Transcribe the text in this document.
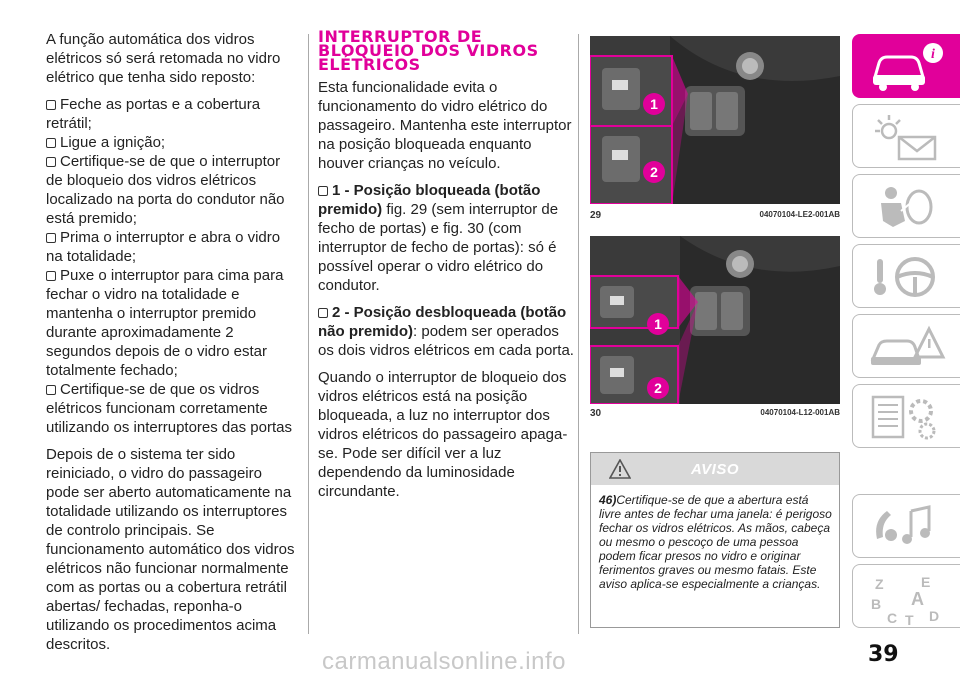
A função automática dos vidros elétricos só será retomada no vidro elétrico que tenha sido reposto:

Feche as portas e a cobertura retrátil;

Ligue a ignição;

Certifique-se de que o interruptor de bloqueio dos vidros elétricos localizado na porta do condutor não está premido;

Prima o interruptor e abra o vidro na totalidade;

Puxe o interruptor para cima para fechar o vidro na totalidade e mantenha o interruptor premido durante aproximadamente 2 segundos depois de o vidro estar totalmente fechado;

Certifique-se de que os vidros elétricos funcionam corretamente utilizando os interruptores das portas

Depois de o sistema ter sido reiniciado, o vidro do passageiro pode ser aberto automaticamente na totalidade utilizando os interruptores de controlo principais. Se funcionamento automático dos vidros elétricos não funcionar normalmente com as portas ou a cobertura retrátil abertas/ fechadas, reponha-o utilizando os procedimentos acima descritos.
INTERRUPTOR DE BLOQUEIO DOS VIDROS ELÉTRICOS
Esta funcionalidade evita o funcionamento do vidro elétrico do passageiro. Mantenha este interruptor na posição bloqueada enquanto houver crianças no veículo.
1 - Posição bloqueada (botão premido) fig. 29 (sem interruptor de fecho de portas) e fig. 30 (com interruptor de fecho de portas): só é possível operar o vidro elétrico do condutor.
2 - Posição desbloqueada (botão não premido): podem ser operados os dois vidros elétricos em cada porta.
Quando o interruptor de bloqueio dos vidros elétricos está na posição bloqueada, a luz no interruptor dos vidros elétricos do passageiro apaga-se. Pode ser difícil ver a luz dependendo da luminosidade circundante.
1
2
29	04070104-LE2-001AB
1
2
30	04070104-L12-001AB
AVISO
46)Certifique-se de que a abertura está livre antes de fechar uma janela: é perigoso fechar os vidros elétricos. As mãos, cabeça ou mesmo o pescoço de uma pessoa podem ficar presos no vidro e originar ferimentos graves ou mesmo fatais. Este aviso aplica-se especialmente a crianças.
i
Z	E
B A
C T D
39
carmanualsonline.info
